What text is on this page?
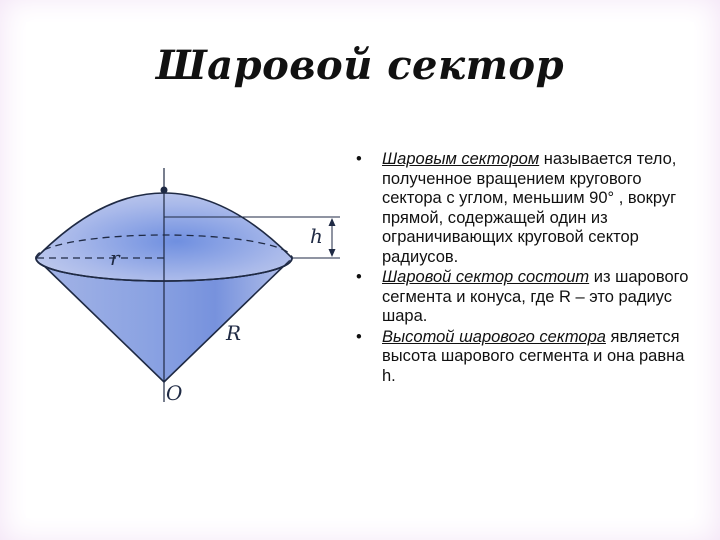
Шаровой сектор
r
R
h
O
• Шаровым сектором называется тело, полученное вращением кругового сектора с углом, меньшим 90° , вокруг прямой, содержащей один из ограничивающих круговой сектор радиусов.
• Шаровой сектор состоит из шарового сегмента и конуса, где R – это радиус шара.
• Высотой шарового сектора является высота шарового сегмента и она равна h.
